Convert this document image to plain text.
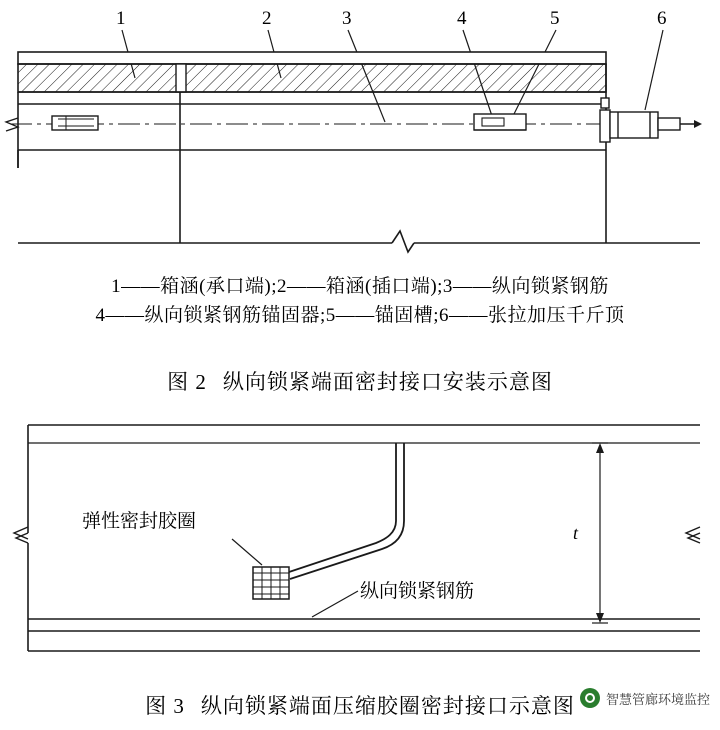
1	2	3	4	5	6
1——箱涵(承口端);2——箱涵(插口端);3——纵向锁紧钢筋
4——纵向锁紧钢筋锚固器;5——锚固槽;6——张拉加压千斤顶
图 2 纵向锁紧端面密封接口安装示意图
t
弹性密封胶圈
纵向锁紧钢筋
图 3 纵向锁紧端面压缩胶圈密封接口示意图	智慧管廊环境监控
